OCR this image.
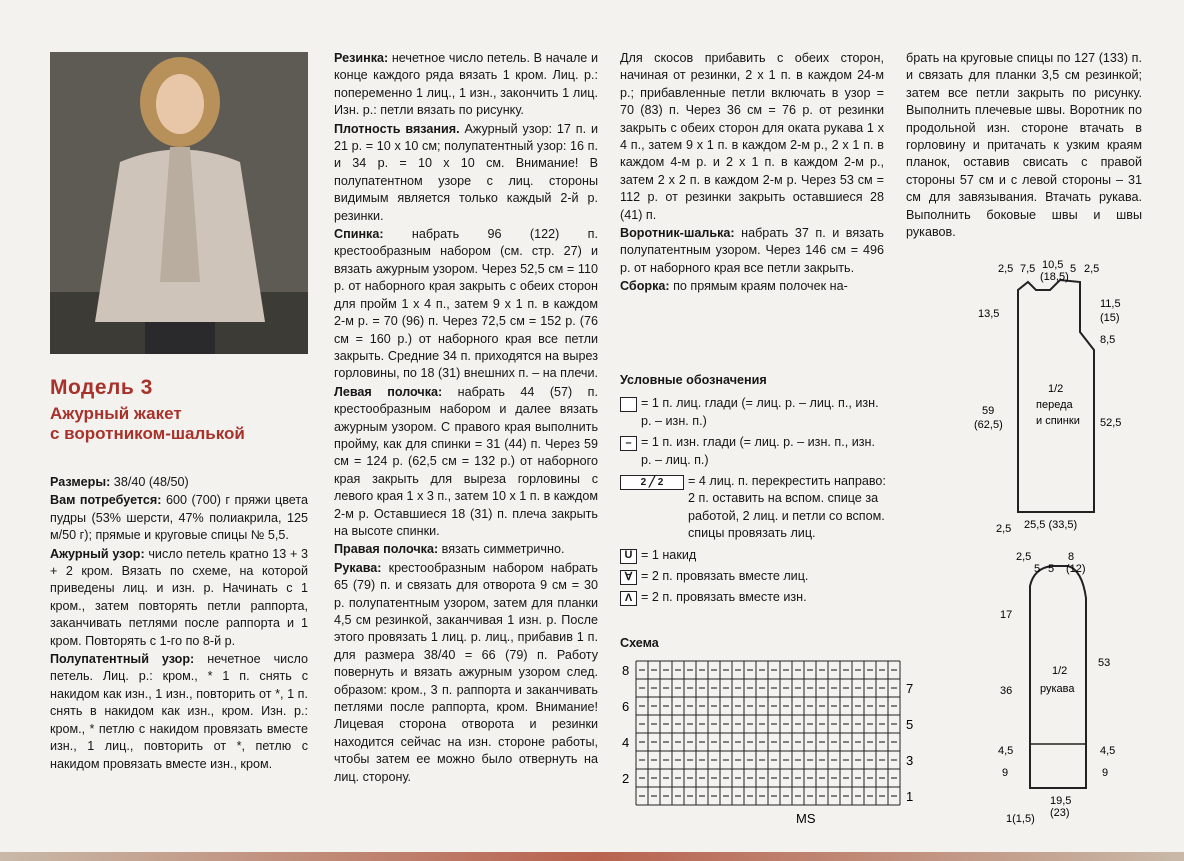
Модель 3
Ажурный жакет
с воротником-шалькой

Размеры: 38/40 (48/50)

Вам потребуется: 600 (700) г пряжи цвета пудры (53% шерсти, 47% полиакрила, 125 м/50 г); прямые и круговые спицы № 5,5.

Ажурный узор: число петель кратно 13 + 3 + 2 кром. Вязать по схеме, на которой приведены лиц. и изн. р. Начинать с 1 кром., затем повторять петли раппорта, заканчивать петлями после раппорта и 1 кром. Повторять с 1-го по 8-й р.

Полупатентный узор: нечетное число петель. Лиц. р.: кром., * 1 п. снять с накидом как изн., 1 изн., повторить от *, 1 п. снять в накидом как изн., кром. Изн. р.: кром., * петлю с накидом провязать вместе изн., 1 лиц., повторить от *, петлю с накидом провязать вместе изн., кром.

Резинка: нечетное число петель. В начале и конце каждого ряда вязать 1 кром. Лиц. р.: попеременно 1 лиц., 1 изн., закончить 1 лиц. Изн. р.: петли вязать по рисунку.

Плотность вязания. Ажурный узор: 17 п. и 21 р. = 10 х 10 см; полупатентный узор: 16 п. и 34 р. = 10 х 10 см. Внимание! В полупатентном узоре с лиц. стороны видимым является только каждый 2-й р. резинки.

Спинка: набрать 96 (122) п. крестообразным набором (см. стр. 27) и вязать ажурным узором. Через 52,5 см = 110 р. от наборного края закрыть с обеих сторон для пройм 1 х 4 п., затем 9 х 1 п. в каждом 2-м р. = 70 (96) п. Через 72,5 см = 152 р. (76 см = 160 р.) от наборного края все петли закрыть. Средние 34 п. приходятся на вырез горловины, по 18 (31) внешних п. – на плечи.

Левая полочка: набрать 44 (57) п. крестообразным набором и далее вязать ажурным узором. С правого края выполнить пройму, как для спинки = 31 (44) п. Через 59 см = 124 р. (62,5 см = 132 р.) от наборного края закрыть для выреза горловины с левого края 1 х 3 п., затем 10 х 1 п. в каждом 2-м р. Оставшиеся 18 (31) п. плеча закрыть на высоте спинки.

Правая полочка: вязать симметрично.

Рукава: крестообразным набором набрать 65 (79) п. и связать для отворота 9 см = 30 р. полупатентным узором, затем для планки 4,5 см резинкой, заканчивая 1 изн. р. После этого провязать 1 лиц. р. лиц., прибавив 1 п. для размера 38/40 = 66 (79) п. Работу повернуть и вязать ажурным узором след. образом: кром., 3 п. раппорта и заканчивать петлями после раппорта, кром. Внимание! Лицевая сторона отворота и резинки находится сейчас на изн. стороне работы, чтобы затем ее можно было отвернуть на лиц. сторону.

Для скосов прибавить с обеих сторон, начиная от резинки, 2 х 1 п. в каждом 24-м р.; прибавленные петли включать в узор = 70 (83) п. Через 36 см = 76 р. от резинки закрыть с обеих сторон для оката рукава 1 х 4 п., затем 9 х 1 п. в каждом 2-м р., 2 х 1 п. в каждом 4-м р. и 2 х 1 п. в каждом 2-м р., затем 2 х 2 п. в каждом 2-м р. Через 53 см = 112 р. от резинки закрыть оставшиеся 28 (41) п.

Воротник-шалька: набрать 37 п. и вязать полупатентным узором. Через 146 см = 496 р. от наборного края все петли закрыть.

Сборка: по прямым краям полочек на-

Условные обозначения
= 1 п. лиц. глади (= лиц. р. – лиц. п., изн. р. – изн. п.)
– = 1 п. изн. глади (= лиц. р. – изн. п., изн. р. – лиц. п.)
2 ╱ 2	= 4 лиц. п. перекрестить направо: 2 п. оставить на вспом. спице за работой, 2 лиц. и петли со вспом. спицы провязать лиц.
U = 1 накид
∀ = 2 п. провязать вместе лиц.
Λ = 2 п. провязать вместе изн.
Схема
8
6
4
2
7
5
3
1
MS

брать на круговые спицы по 127 (133) п. и связать для планки 3,5 см резинкой; затем все петли закрыть по рисунку. Выполнить плечевые швы. Воротник по продольной изн. стороне втачать в горловину и притачать к узким краям планок, оставив свисать с правой стороны 57 см и с левой стороны – 31 см для завязывания. Втачать рукава. Выполнить боковые швы и швы рукавов.

2,5 7,5 10,5
(18,5)
5 2,5
13,5
59
(62,5)
11,5
(15)
8,5
52,5
1/2
переда
и спинки
2,5 25,5 (33,5)
2,5
5 5
8
(12)
17
36
4,5
9
53
4,5
9
1/2
рукава
19,5
(23)
1(1,5)
